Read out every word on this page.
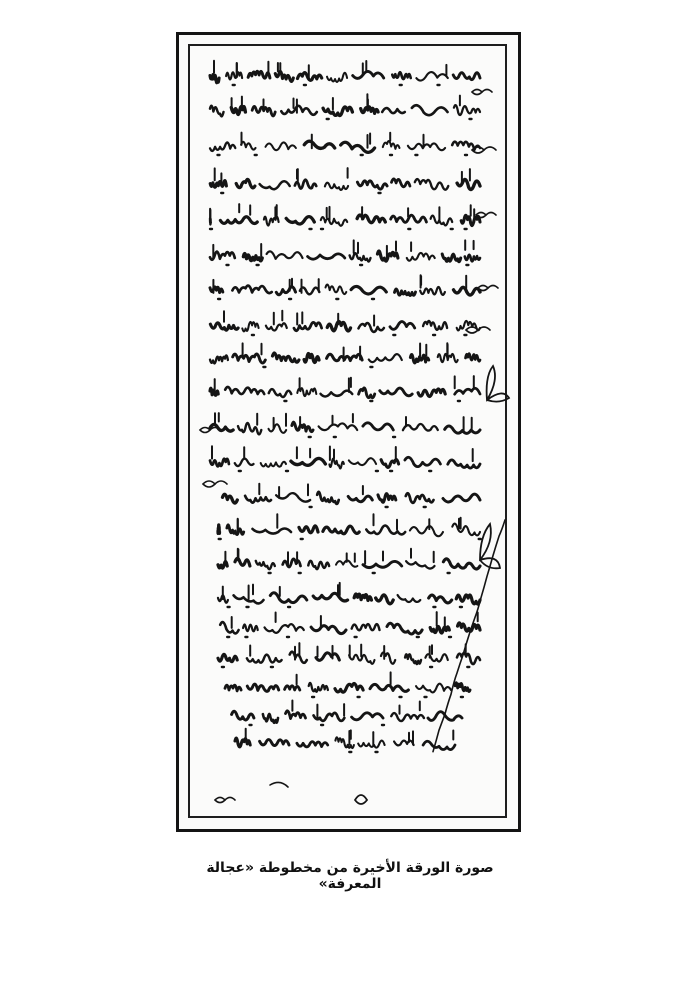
صورة الورقة الأخيرة من مخطوطة «عجالة المعرفة»
